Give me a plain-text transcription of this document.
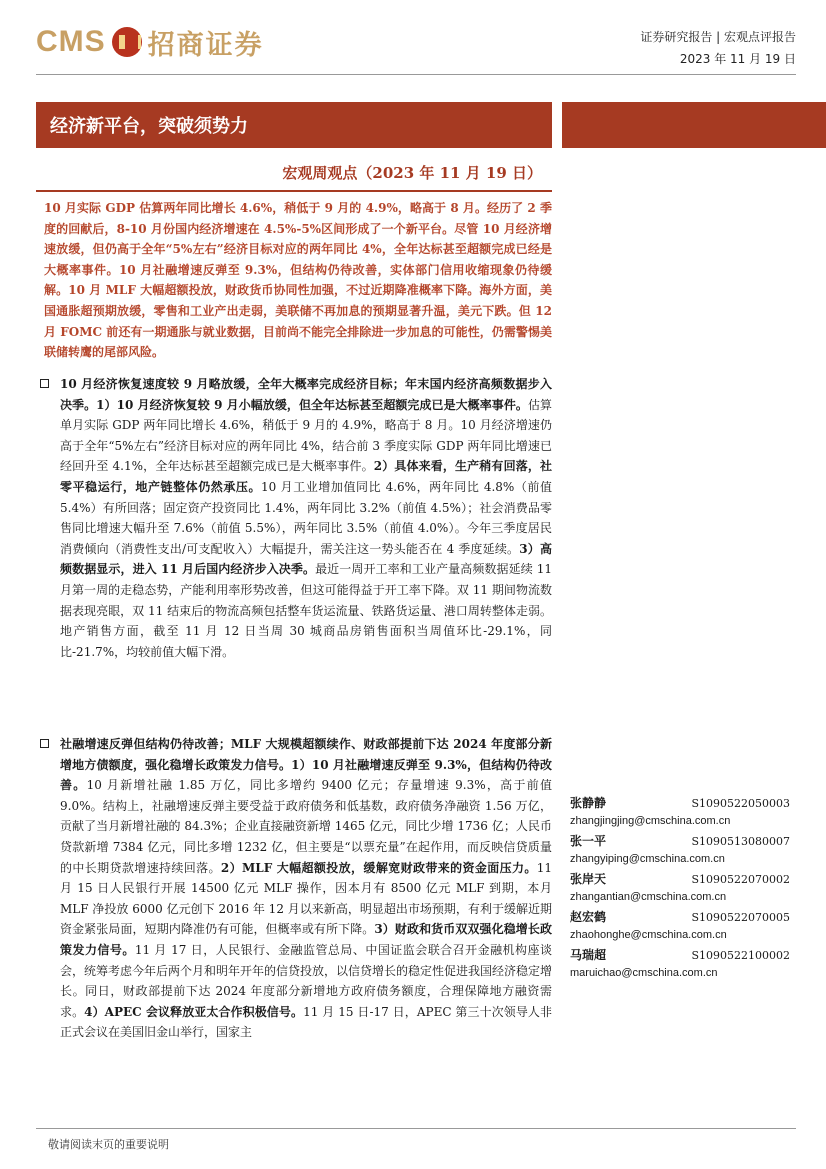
CMS 招商证券	证券研究报告 | 宏观点评报告
2023 年 11 月 19 日
经济新平台，突破须势力
宏观周观点（2023 年 11 月 19 日）
10 月实际 GDP 估算两年同比增长 4.6%，稍低于 9 月的 4.9%，略高于 8 月。经历了 2 季度的回献后，8-10 月份国内经济增速在 4.5%-5%区间形成了一个新平台。尽管 10 月经济增速放缓，但仍高于全年“5%左右”经济目标对应的两年同比 4%，全年达标甚至超额完成已经是大概率事件。10 月社融增速反弹至 9.3%，但结构仍待改善，实体部门信用收缩现象仍待缓解。10 月 MLF 大幅超额投放，财政货币协同性加强，不过近期降准概率下降。海外方面，美国通胀超预期放缓，零售和工业产出走弱，美联储不再加息的预期显著升温，美元下跌。但 12 月 FOMC 前还有一期通胀与就业数据，目前尚不能完全排除进一步加息的可能性，仍需警惕美联储转鹰的尾部风险。

10 月经济恢复速度较 9 月略放缓，全年大概率完成经济目标；年末国内经济高频数据步入决季。1）10 月经济恢复较 9 月小幅放缓，但全年达标甚至超额完成已是大概率事件。估算单月实际 GDP 两年同比增长 4.6%，稍低于 9 月的 4.9%，略高于 8 月。10 月经济增速仍高于全年“5%左右”经济目标对应的两年同比 4%，结合前 3 季度实际 GDP 两年同比增速已经回升至 4.1%，全年达标甚至超额完成已是大概率事件。2）具体来看，生产稍有回落，社零平稳运行，地产链整体仍然承压。10 月工业增加值同比 4.6%，两年同比 4.8%（前值 5.4%）有所回落；固定资产投资同比 1.4%，两年同比 3.2%（前值 4.5%）；社会消费品零售同比增速大幅升至 7.6%（前值 5.5%），两年同比 3.5%（前值 4.0%）。今年三季度居民消费倾向（消费性支出/可支配收入）大幅提升，需关注这一势头能否在 4 季度延续。3）高频数据显示，进入 11 月后国内经济步入决季。最近一周开工率和工业产量高频数据延续 11 月第一周的走稳态势，产能利用率形势改善，但这可能得益于开工率下降。双 11 期间物流数据表现亮眼，双 11 结束后的物流高频包括整车货运流量、铁路货运量、港口周转整体走弱。地产销售方面，截至 11 月 12 日当周 30 城商品房销售面积当周值环比-29.1%，同比-21.7%，均较前值大幅下滑。

社融增速反弹但结构仍待改善；MLF 大规模超额续作、财政部提前下达 2024 年度部分新增地方债额度，强化稳增长政策发力信号。1）10 月社融增速反弹至 9.3%，但结构仍待改善。10 月新增社融 1.85 万亿，同比多增约 9400 亿元；存量增速 9.3%，高于前值 9.0%。结构上，社融增速反弹主要受益于政府债务和低基数，政府债务净融资 1.56 万亿，贡献了当月新增社融的 84.3%；企业直接融资新增 1465 亿元，同比少增 1736 亿；人民币贷款新增 7384 亿元，同比多增 1232 亿，但主要是“以票充量”在起作用，而反映信贷质量的中长期贷款增速持续回落。2）MLF 大幅超额投放，缓解宽财政带来的资金面压力。11 月 15 日人民银行开展 14500 亿元 MLF 操作，因本月有 8500 亿元 MLF 到期，本月 MLF 净投放 6000 亿元创下 2016 年 12 月以来新高，明显超出市场预期，有利于缓解近期资金紧张局面，短期内降准仍有可能，但概率或有所下降。3）财政和货币双双强化稳增长政策发力信号。11 月 17 日，人民银行、金融监管总局、中国证监会联合召开金融机构座谈会，统筹考虑今年后两个月和明年开年的信贷投放，以信贷增长的稳定性促进我国经济稳定增长。同日，财政部提前下达 2024 年度部分新增地方政府债务额度，合理保障地方融资需求。4）APEC 会议释放亚太合作积极信号。11 月 15 日-17 日，APEC 第三十次领导人非正式会议在美国旧金山举行，国家主

张静静	S1090522050003
zhangjingjing@cmschina.com.cn
张一平	S1090513080007
zhangyiping@cmschina.com.cn
张岸天	S1090522070002
zhangantian@cmschina.com.cn
赵宏鹤	S1090522070005
zhaohonghe@cmschina.com.cn
马瑞超	S1090522100002
maruichao@cmschina.com.cn
敬请阅读末页的重要说明
